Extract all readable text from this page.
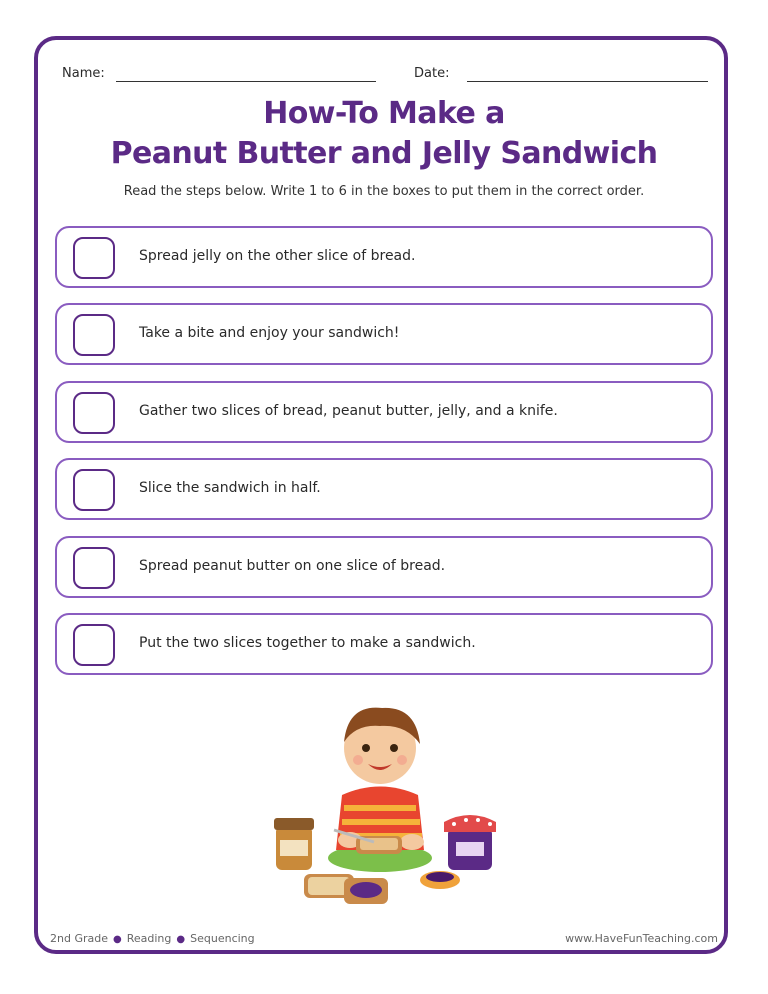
Name:	Date:
How-To Make a
Peanut Butter and Jelly Sandwich
Read the steps below. Write 1 to 6 in the boxes to put them in the correct order.
Spread jelly on the other slice of bread.
Take a bite and enjoy your sandwich!
Gather two slices of bread, peanut butter, jelly, and a knife.
Slice the sandwich in half.
Spread peanut butter on one slice of bread.
Put the two slices together to make a sandwich.
2nd Grade ● Reading ● Sequencing	www.HaveFunTeaching.com
